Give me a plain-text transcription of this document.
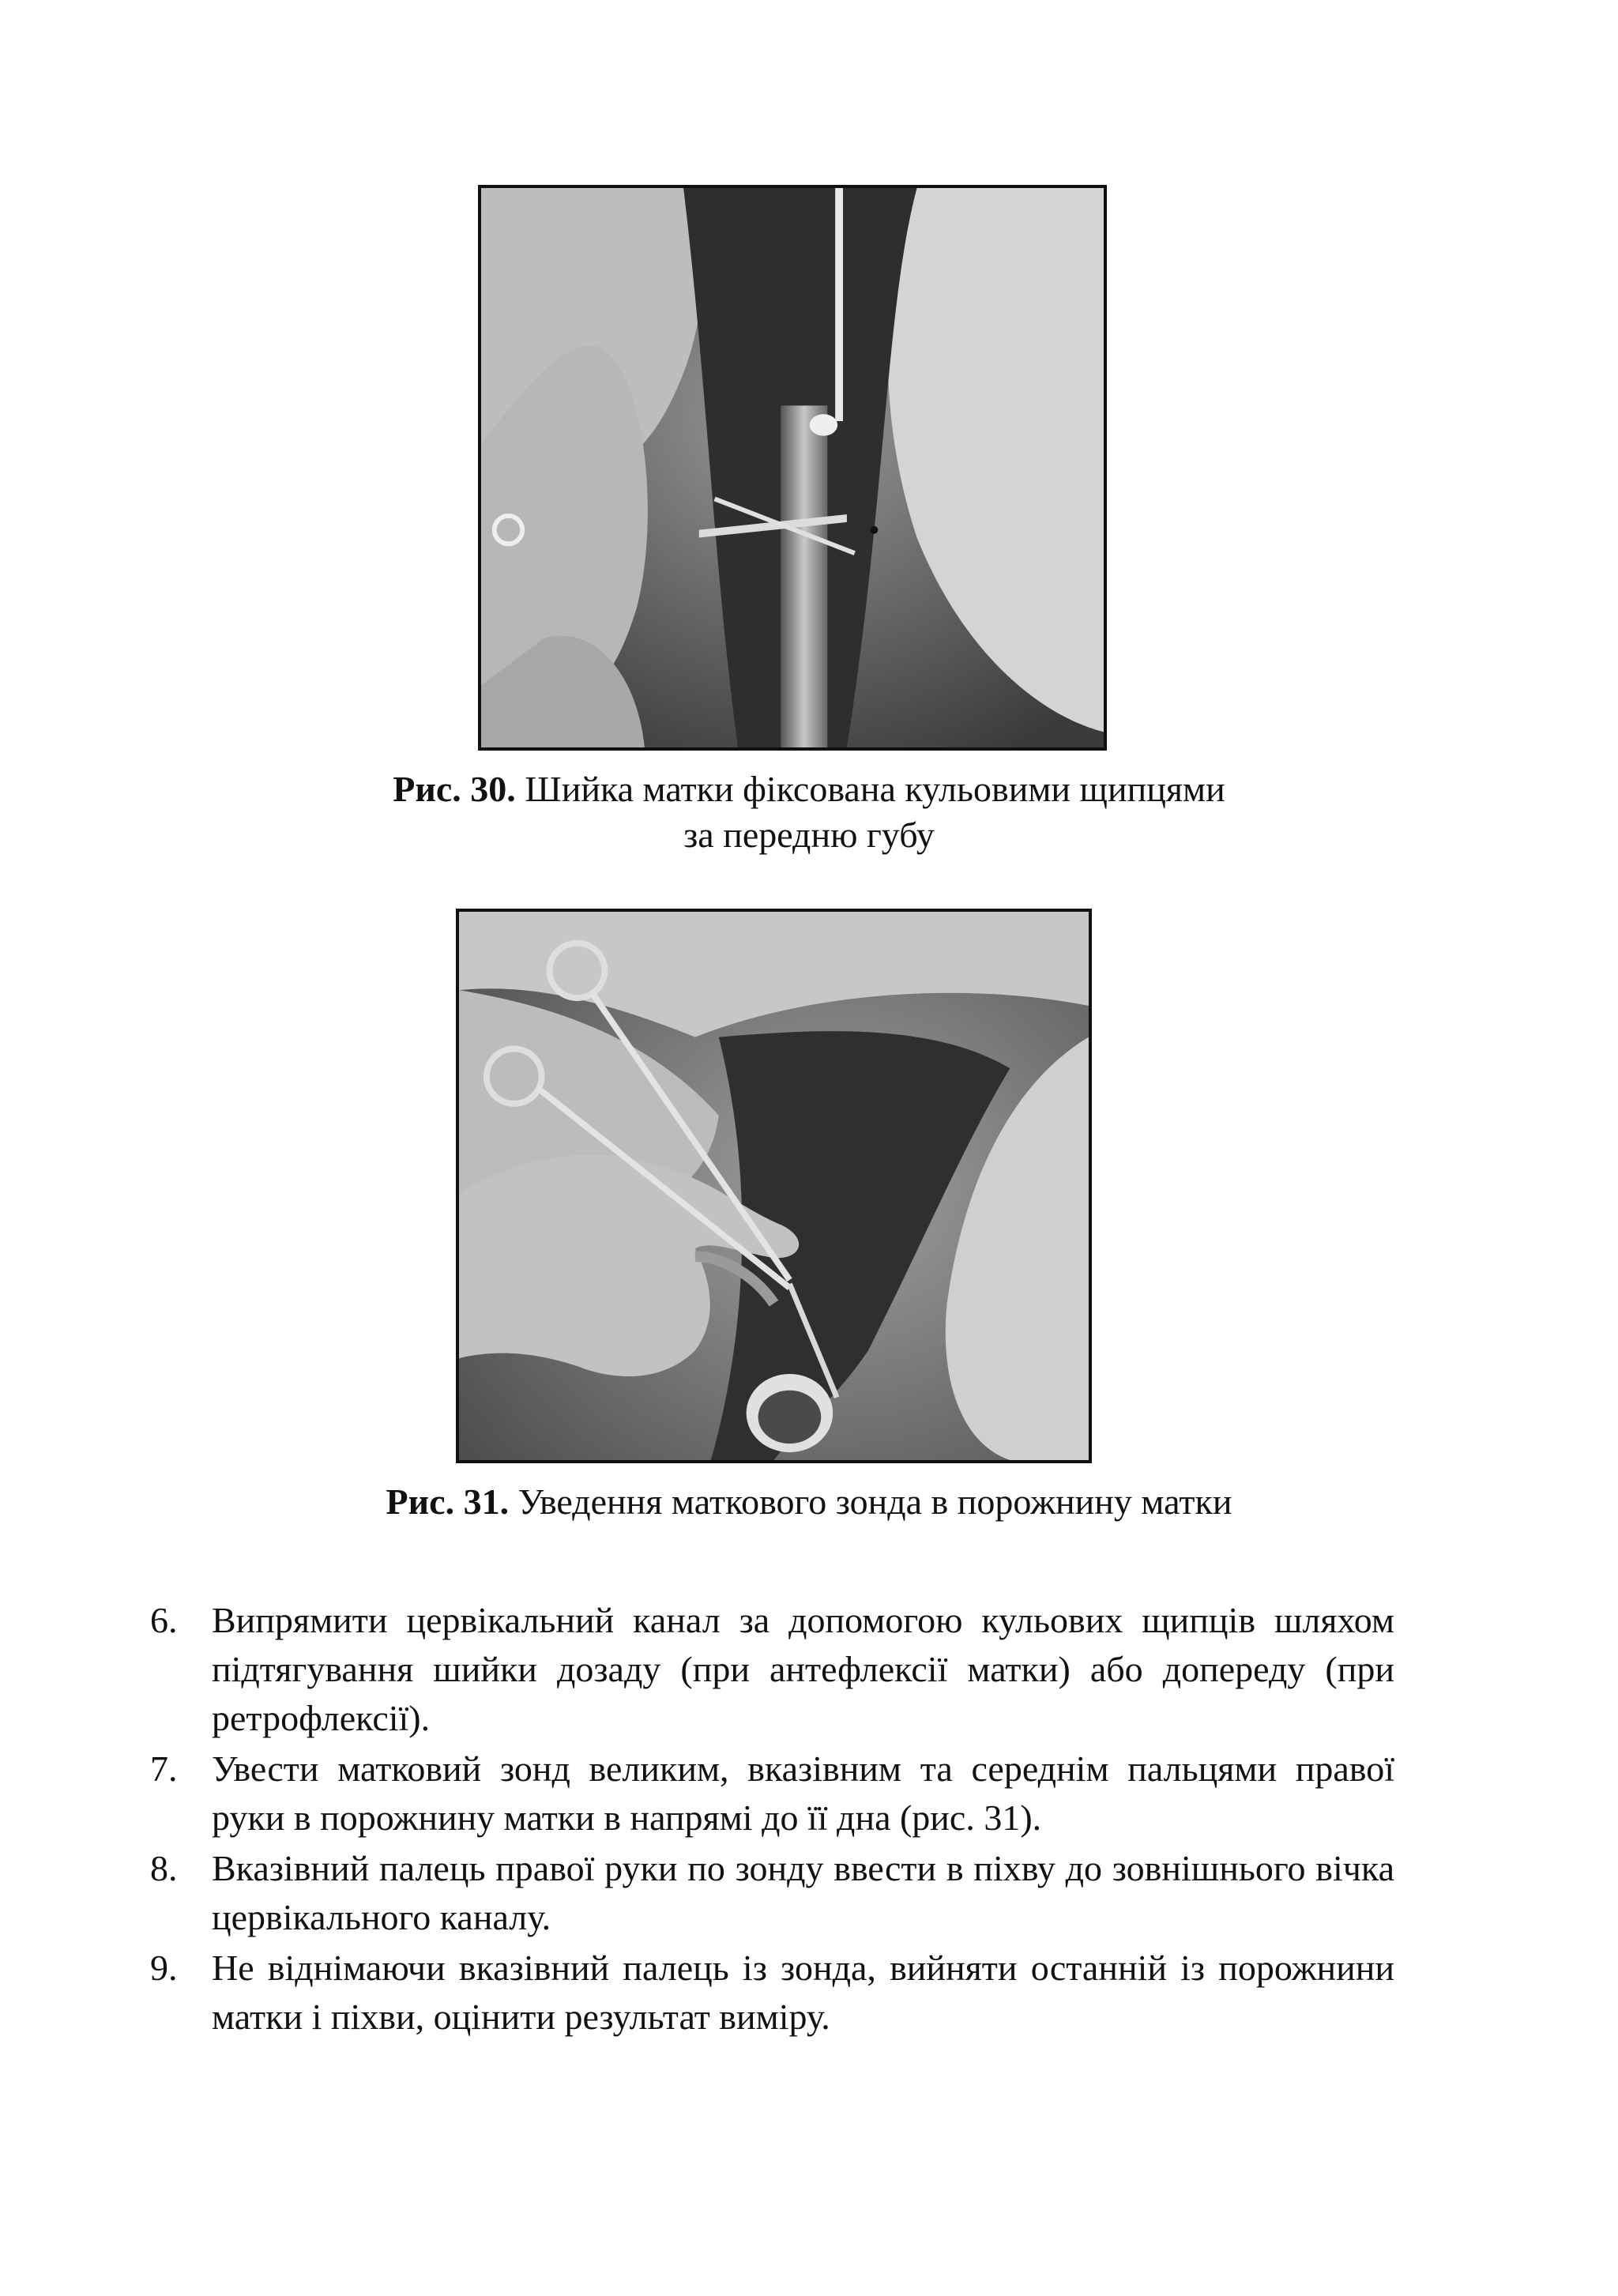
Рис. 30. Шийка матки фіксована кульовими щипцями
за передню губу
Рис. 31. Уведення маткового зонда в порожнину матки
6. Випрямити цервікальний канал за допомогою кульових щипців шляхом підтягування шийки дозаду (при антефлексії матки) або допереду (при ретрофлексії).
7. Увести матковий зонд великим, вказівним та середнім пальцями правої руки в порожнину матки в напрямі до її дна (рис. 31).
8. Вказівний палець правої руки по зонду ввести в піхву до зовнішнього вічка цервікального каналу.
9. Не віднімаючи вказівний палець із зонда, вийняти останній із порожнини матки і піхви, оцінити результат виміру.
